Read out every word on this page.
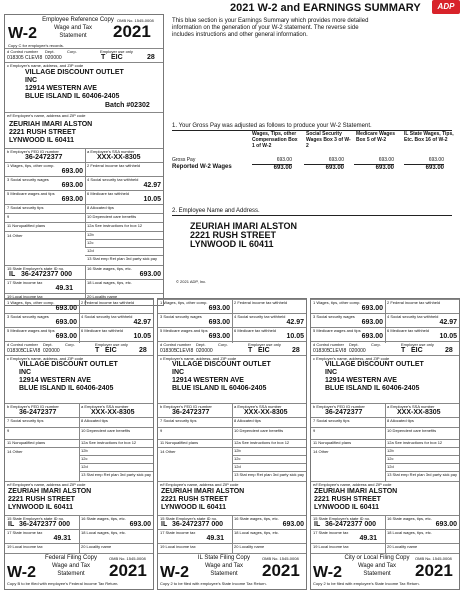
2021 W-2 and EARNINGS SUMMARY	ADP
W-2
Employee Reference Copy
Wage and Tax
Statement	2021
OMB No. 1545-0008
Copy C for employee's records.
d Control number Dept.	Corp.	Employer use only
018305 CLEVI8 020000	T EIC	28
c Employer's name, address, and ZIP code
VILLAGE DISCOUNT OUTLET
INC
12914 WESTERN AVE
BLUE ISLAND IL 60406-2405
Batch #02302
e/f Employee's name, address and ZIP code
ZEURIAH IMARI ALSTON
2221 RUSH STREET
LYNWOOD IL 60411
b Employer's FED ID number
36-2472377
a Employee's SSA number
XXX-XX-8305
1 Wages, tips, other comp.
693.00
2 Federal income tax withheld
3 Social security wages
693.00
4 Social security tax withheld
42.97
5 Medicare wages and tips
693.00
6 Medicare tax withheld
10.05
7 Social security tips	8 Allocated tips
9	10 Dependent care benefits
11 Nonqualified plans	12a See instructions for box 12
14 Other	12b
12c
12d
13 Stat emp Ret plan 3rd party sick pay
15 State Employer's state ID no.
IL 36-2472377 000
16 State wages, tips, etc.
693.00
17 State income tax
49.31
18 Local wages, tips, etc.
19 Local income tax	20 Locality name
This blue section is your Earnings Summary which provides more detailed information on the generation of your W-2 statement. The reverse side includes instructions and other general information.
1. Your Gross Pay was adjusted as follows to produce your W-2 Statement.
Wages, Tips, other Compensation Box 1 of W-2
Social Security Wages Box 3 of W-2
Medicare Wages Box 5 of W-2
IL State Wages, Tips, Etc. Box 16 of W-2
Gross Pay	693.00	693.00	693.00	693.00
Reported W-2 Wages	693.00	693.00	693.00	693.00
2. Employee Name and Address.
ZEURIAH IMARI ALSTON
2221 RUSH STREET
LYNWOOD IL 60411
© 2021 ADP, Inc.
1 Wages, tips, other comp.
693.00
2 Federal income tax withheld
3 Social security wages
693.00
4 Social security tax withheld
42.97
5 Medicare wages and tips
693.00
6 Medicare tax withheld
10.05
d Control number Dept.	Corp.	Employer use only
018305 CLEVI8 020000	T EIC	28
c Employer's name, address, and ZIP code
VILLAGE DISCOUNT OUTLET
INC
12914 WESTERN AVE
BLUE ISLAND IL 60406-2405
b Employer's FED ID number
36-2472377
a Employee's SSA number
XXX-XX-8305
7 Social security tips	8 Allocated tips
9	10 Dependent care benefits
11 Nonqualified plans	12a See instructions for box 12
14 Other	12b
12c
12d
13 Stat emp Ret plan 3rd party sick pay
e/f Employee's name, address and ZIP code
ZEURIAH IMARI ALSTON
2221 RUSH STREET
LYNWOOD IL 60411
15 State Employer's state ID no.
IL 36-2472377 000
16 State wages, tips, etc.
693.00
17 State income tax
49.31
18 Local wages, tips, etc.
19 Local income tax	20 Locality name
W-2
Federal Filing Copy
Wage and Tax
Statement	2021
OMB No. 1545-0008
Copy B to be filed with employee's Federal Income Tax Return.
1 Wages, tips, other comp.
693.00
2 Federal income tax withheld
3 Social security wages
693.00
4 Social security tax withheld
42.97
5 Medicare wages and tips
693.00
6 Medicare tax withheld
10.05
d Control number Dept.	Corp.	Employer use only
018305 CLEVI8 020000	T EIC	28
c Employer's name, address, and ZIP code
VILLAGE DISCOUNT OUTLET
INC
12914 WESTERN AVE
BLUE ISLAND IL 60406-2405
b Employer's FED ID number
36-2472377
a Employee's SSA number
XXX-XX-8305
7 Social security tips	8 Allocated tips
9	10 Dependent care benefits
11 Nonqualified plans	12a See instructions for box 12
14 Other	12b
12c
12d
13 Stat emp Ret plan 3rd party sick pay
e/f Employee's name, address and ZIP code
ZEURIAH IMARI ALSTON
2221 RUSH STREET
LYNWOOD IL 60411
15 State Employer's state ID no.
IL 36-2472377 000
16 State wages, tips, etc.
693.00
17 State income tax
49.31
18 Local wages, tips, etc.
19 Local income tax	20 Locality name
W-2
IL State Filing Copy
Wage and Tax
Statement	2021
OMB No. 1545-0008
Copy 2 to be filed with employee's State Income Tax Return.
1 Wages, tips, other comp.
693.00
2 Federal income tax withheld
3 Social security wages
693.00
4 Social security tax withheld
42.97
5 Medicare wages and tips
693.00
6 Medicare tax withheld
10.05
d Control number Dept.	Corp.	Employer use only
018305 CLEVI8 020000	T EIC	28
c Employer's name, address, and ZIP code
VILLAGE DISCOUNT OUTLET
INC
12914 WESTERN AVE
BLUE ISLAND IL 60406-2405
b Employer's FED ID number
36-2472377
a Employee's SSA number
XXX-XX-8305
7 Social security tips	8 Allocated tips
9	10 Dependent care benefits
11 Nonqualified plans	12a See instructions for box 12
14 Other	12b
12c
12d
13 Stat emp Ret plan 3rd party sick pay
e/f Employee's name, address and ZIP code
ZEURIAH IMARI ALSTON
2221 RUSH STREET
LYNWOOD IL 60411
15 State Employer's state ID no.
IL 36-2472377 000
16 State wages, tips, etc.
693.00
17 State income tax
49.31
18 Local wages, tips, etc.
19 Local income tax	20 Locality name
W-2
City or Local Filing Copy
Wage and Tax
Statement	2021
OMB No. 1545-0008
Copy 2 to be filed with employee's State Income Tax Return.
